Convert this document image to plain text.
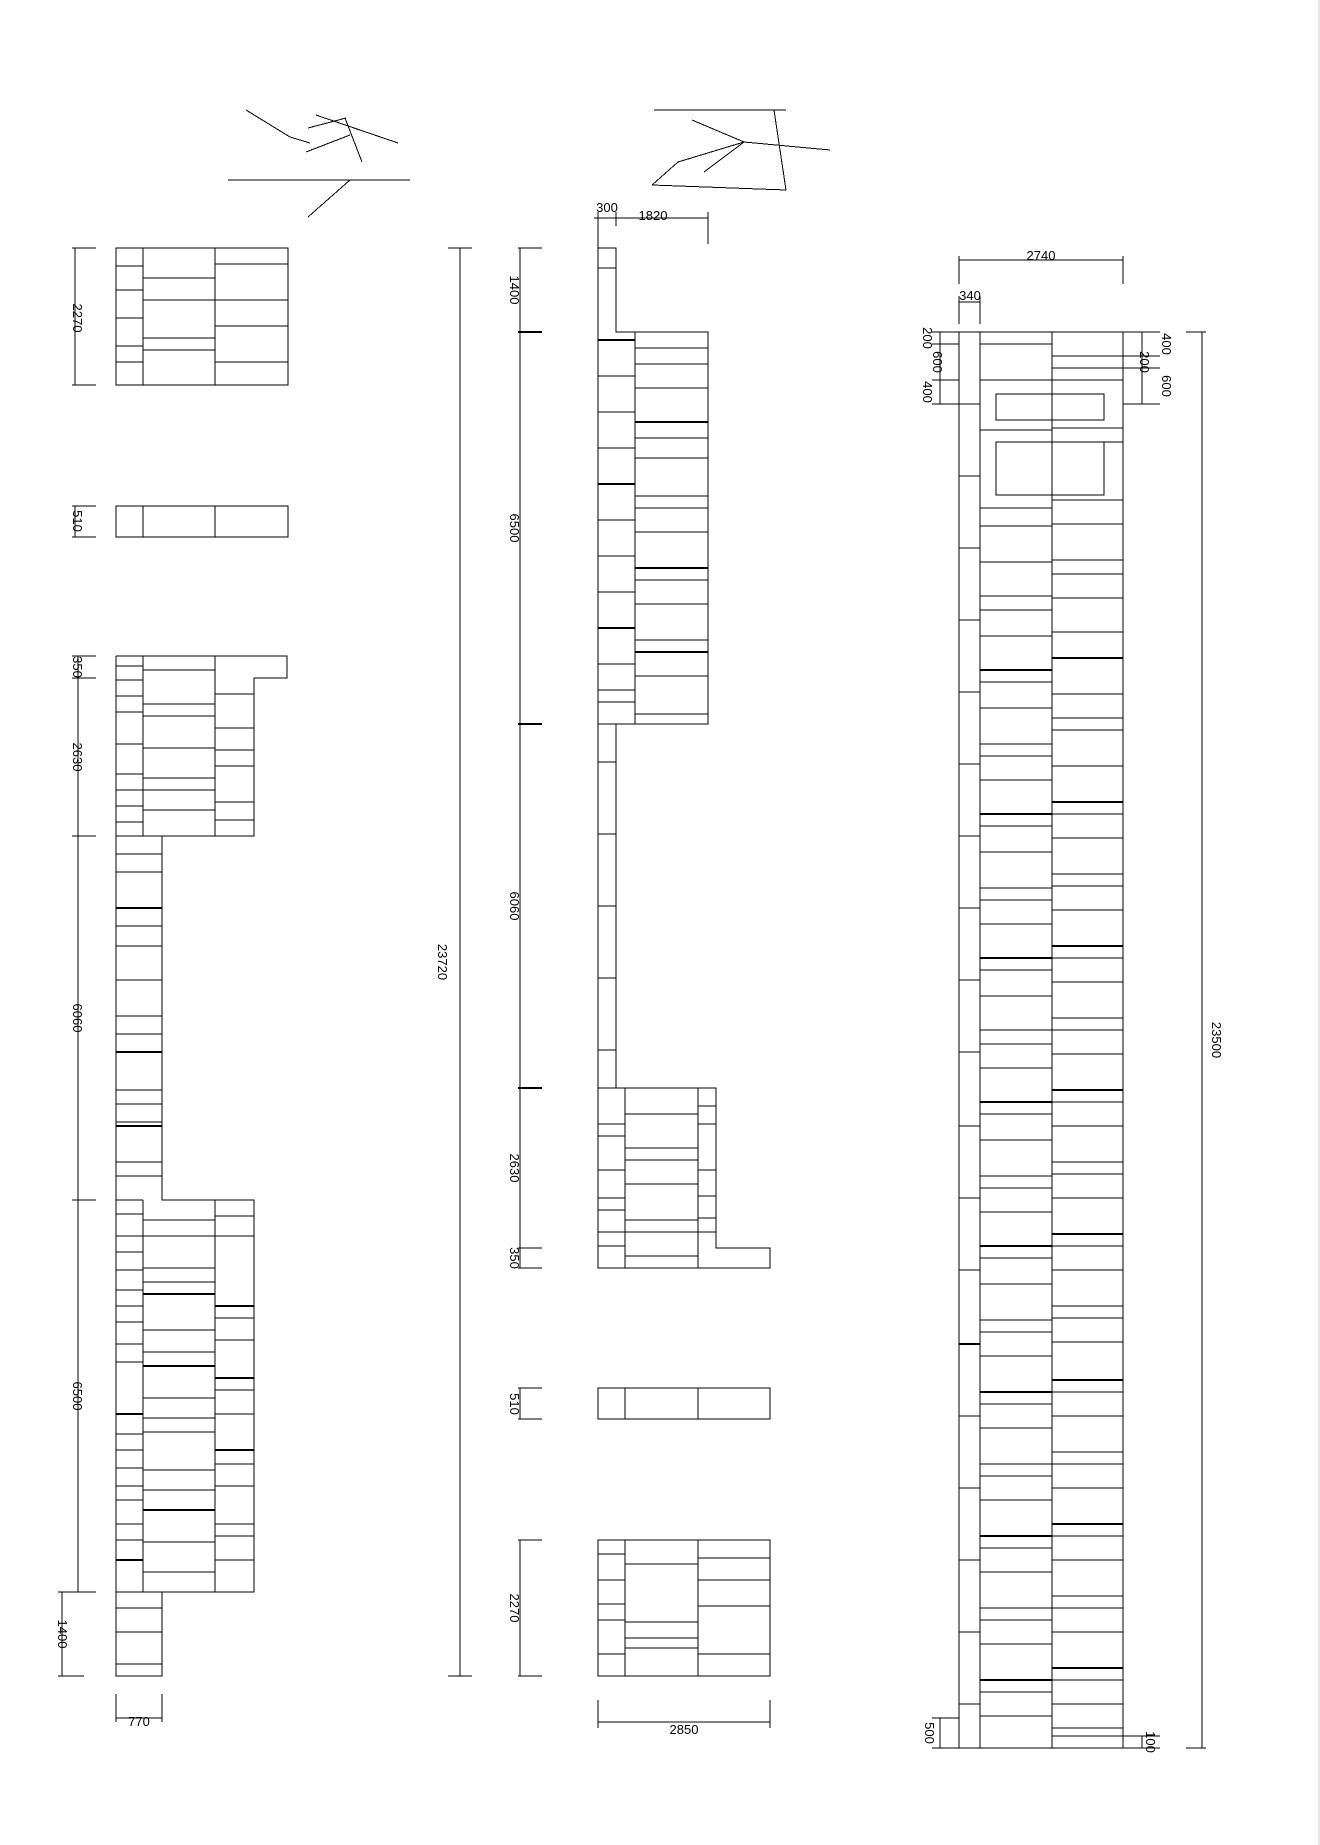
2270
510
350
2630
6060
6500
1400
770
23720
1400
6500
6060
2630
350
510
2270
300
1820
2850
2740
340
200
600
400
400
200
600
23500
500	100
